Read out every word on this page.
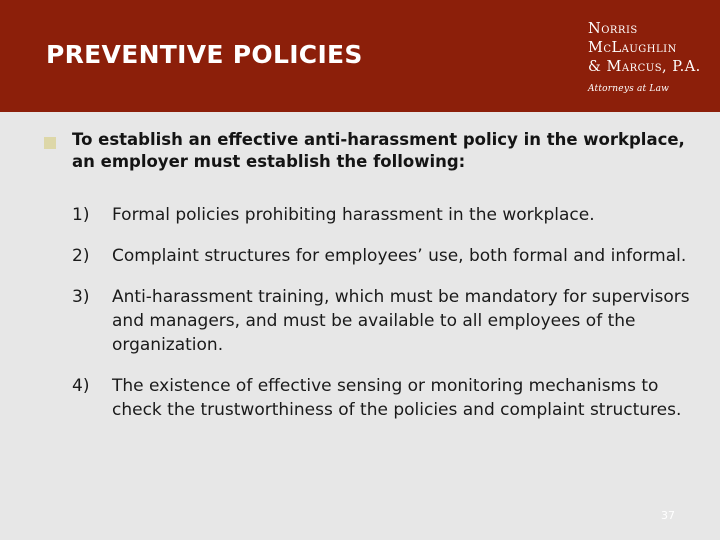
PREVENTIVE POLICIES
Norris
McLaughlin
& Marcus, P.A.
Attorneys at Law

To establish an effective anti-harassment policy in the workplace, an employer must establish the following:

1)	Formal policies prohibiting harassment in the workplace.
2)	Complaint structures for employees’ use, both formal and informal.
3)	Anti-harassment training, which must be mandatory for supervisors and managers, and must be available to all employees of the organization.
4)	The existence of effective sensing or monitoring mechanisms to check the trustworthiness of the policies and complaint structures.
37
